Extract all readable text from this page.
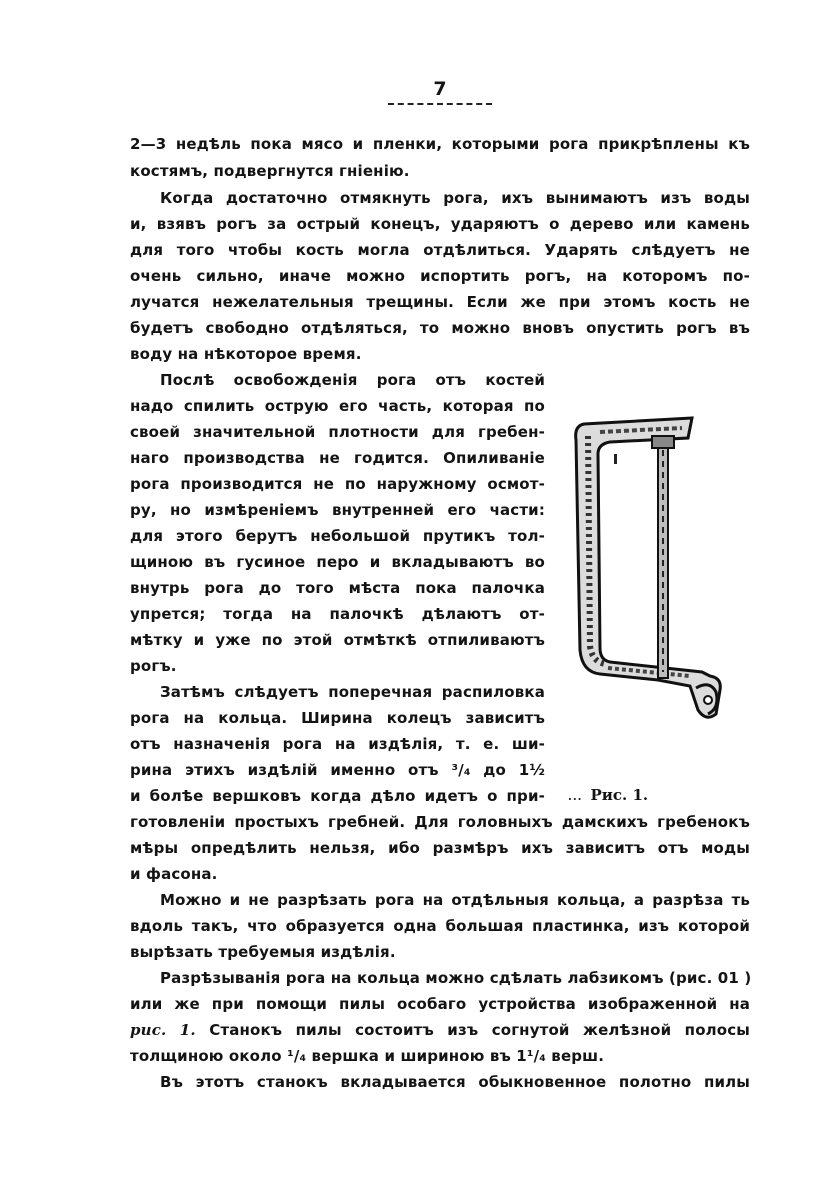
7
2—3 недѣль пока мясо и пленки, которыми рога прикрѣплены къ
костямъ, подвергнутся гніенію.
Когда достаточно отмякнуть рога, ихъ вынимаютъ изъ воды
и, взявъ рогъ за острый конецъ, ударяютъ о дерево или камень
для того чтобы кость могла отдѣлиться. Ударять слѣдуетъ не
очень сильно, иначе можно испортить рогъ, на которомъ по-
лучатся нежелательныя трещины. Если же при этомъ кость не
будетъ свободно отдѣляться, то можно вновъ опустить рогъ въ
воду на нѣкоторое время.
Послѣ освобожденія рога отъ костей
надо спилить острую его часть, которая по
своей значительной плотности для гребен-
наго производства не годится. Опиливаніе
рога производится не по наружному осмот-
ру, но измѣреніемъ внутренней его части:
для этого берутъ небольшой прутикъ тол-
щиною въ гусиное перо и вкладываютъ во
внутрь рога до того мѣста пока палочка
упрется; тогда на палочкѣ дѣлаютъ от-
мѣтку и уже по этой отмѣткѣ отпиливаютъ
рогъ.
Затѣмъ слѣдуетъ поперечная распиловка
рога на кольца. Ширина колецъ зависитъ
отъ назначенія рога на издѣлія, т. е. ши-
рина этихъ издѣлій именно отъ ³/₄ до 1½
и болѣе вершковъ когда дѣло идетъ о при-
готовленіи простыхъ гребней. Для головныхъ дамскихъ гребенокъ
мѣры опредѣлить нельзя, ибо размѣръ ихъ зависитъ отъ моды
и фасона.
Можно и не разрѣзать рога на отдѣльныя кольца, а разрѣза ть
вдоль такъ, что образуется одна большая пластинка, изъ которой
вырѣзать требуемыя издѣлія.
Разрѣзыванія рога на кольца можно сдѣлать лабзикомъ (рис. 01 )
или же при помощи пилы особаго устройства изображенной на
рис. 1. Станокъ пилы состоитъ изъ согнутой желѣзной полосы
толщиною около ¹/₄ вершка и шириною въ 1¹/₄ верш.
Въ этотъ станокъ вкладывается обыкновенное полотно пилы
... Рис. 1.
